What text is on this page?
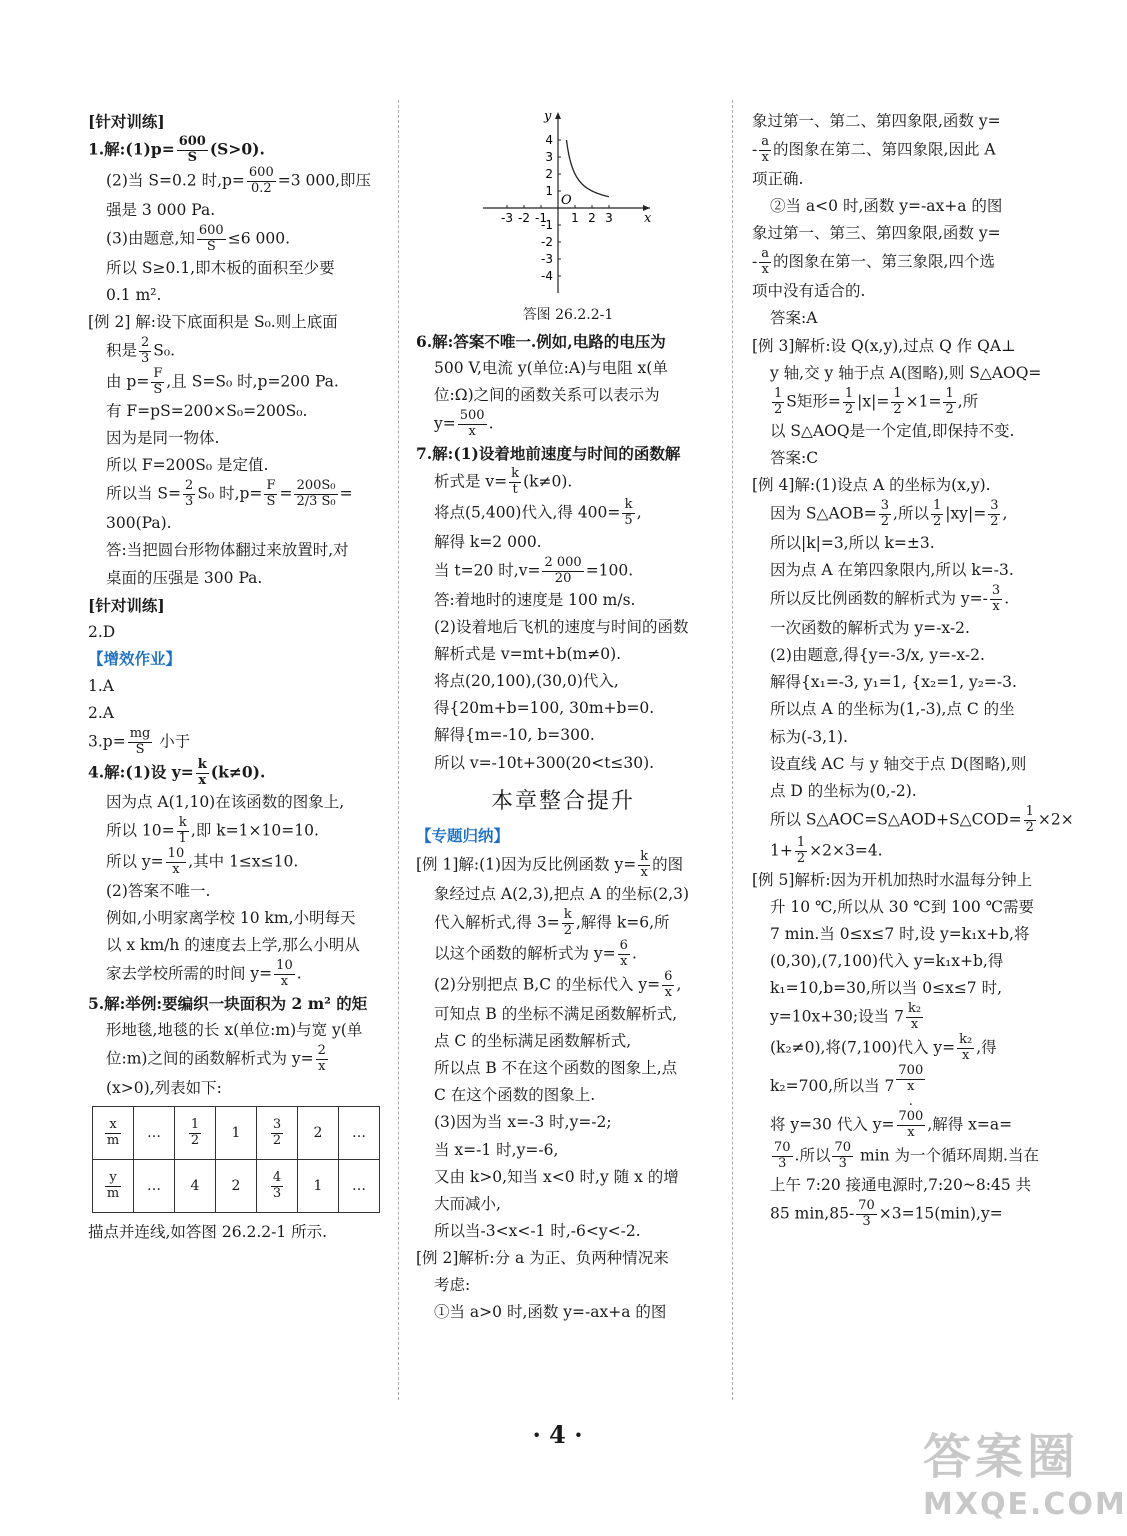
[针对训练]

1.解:(1)p= $\frac{600}{S} (S>0)$.

(2)当 S=0.2 时$,p= \frac{600}{0.2} =3$ 000,即压

强是 3 000 Pa.

(3)由题意,知 $\frac{600}{S} \le 6$ 000.

所以 S≥0.1,即木板的面积至少要

0.1 m².

[例 2] 解:设下底面积是 S₀.则上底面

积是 $\frac{2}{3} S_0$.

由 $p= \frac{F}{S}$ ,且 S=S₀ 时,p=200 Pa.

有 F=pS=200×S₀=200S₀.

因为是同一物体.

所以 F=200S₀ 是定值.

所以当 $S= \frac{2}{3} S_0$ 时$,p= \frac{F}{S} = \frac{\text{200S₀}}{\text{2/3 S₀}}$ =

300(Pa).

答:当把圆台形物体翻过来放置时,对

桌面的压强是 300 Pa.

[针对训练]

2.D

【增效作业】

1.A

2.A

$3.p= \frac{mg}{S}$ 小于

4.解:(1)设 $y= \frac{k}{x} (k\ne 0)$.

因为点 A(1,10)在该函数的图象上,

所以 $10= \frac{k}{1}$ ,即 k=1×10=10.

所以 $y= \frac{10}{x}$ ,其中 1≤x≤10.

(2)答案不唯一.

例如,小明家离学校 10 km,小明每天

以 x km/h 的速度去上学,那么小明从

家去学校所需的时间 $y= \frac{10}{x}$ .

5.解:举例:要编织一块面积为 2 m² 的矩

形地毯,地毯的长 x(单位:m)与宽 y(单

位:m)之间的函数解析式为 $y= \frac{2}{x}$

(x>0),列表如下:

$\frac{x}{m}$	…	$\frac{1}{2}$	1	$\frac{3}{2}$	2	…

$\frac{y}{m}$	…	4	2	$\frac{4}{3}$	1	…

描点并连线,如答图 26.2.2-1 所示.

-3 -2 -1 1 2 3
4
3
2
1
-1
-2
-3
-4
x
y
O
答图 26.2.2-1

6.解:答案不唯一.例如,电路的电压为

500 V,电流 y(单位:A)与电阻 x(单

位:Ω)之间的函数关系可以表示为

$y= \frac{500}{x}$ .

7.解:(1)设着地前速度与时间的函数解

析式是 $v= \frac{k}{t} (k\ne 0)$.

将点(5,400)代入,得 $400= \frac{k}{5}$ ,

解得 k=2 000.

当 t=20 时$,v= \frac{2 000}{20} =100$.

答:着地时的速度是 100 m/s.

(2)设着地后飞机的速度与时间的函数

解析式是 v=mt+b(m≠0).

将点(20,100),(30,0)代入,

得{20m+b=100, 30m+b=0.

解得{m=-10, b=300.

所以 v=-10t+300(20<t≤30).

本章整合提升
【专题归纳】

[例 1]解:(1)因为反比例函数 $y= \frac{k}{x}$ 的图

象经过点 A(2,3),把点 A 的坐标(2,3)

代入解析式,得 $3= \frac{k}{2}$ ,解得 k=6,所

以这个函数的解析式为 $y= \frac{6}{x}$ .

(2)分别把点 B,C 的坐标代入 $y= \frac{6}{x}$ ,

可知点 B 的坐标不满足函数解析式,

点 C 的坐标满足函数解析式,

所以点 B 不在这个函数的图象上,点

C 在这个函数的图象上.

(3)因为当 x=-3 时,y=-2;

当 x=-1 时,y=-6,

又由 k>0,知当 x<0 时,y 随 x 的增

大而减小,

所以当-3<x<-1 时,-6<y<-2.

[例 2]解析:分 a 为正、负两种情况来

考虑:

①当 a>0 时,函数 y=-ax+a 的图

象过第一、第二、第四象限,函数 y=

- $\frac{a}{x}$ 的图象在第二、第四象限,因此 A

项正确.

②当 a<0 时,函数 y=-ax+a 的图

象过第一、第三、第四象限,函数 y=

- $\frac{a}{x}$ 的图象在第一、第三象限,四个选

项中没有适合的.

答案:A

[例 3]解析:设 Q(x,y),过点 Q 作 QA⊥

y 轴,交 y 轴于点 A(图略),则 S△AOQ=

$\frac{1}{2}$ S矩形= $\frac{1}{2} |x|= \frac{1}{2} \times 1= \frac{1}{2}$ ,所

以 S△AOQ是一个定值,即保持不变.

答案:C

[例 4]解:(1)设点 A 的坐标为(x,y).

因为 S△AOB= $\frac{3}{2}$ ,所以 $\frac{1}{2} |xy|= \frac{3}{2}$ ,

所以|k|=3,所以 k=±3.

因为点 A 在第四象限内,所以 k=-3.

所以反比例函数的解析式为 $y=- \frac{3}{x}$ .

一次函数的解析式为 y=-x-2.

(2)由题意,得{y=-3/x, y=-x-2.

解得{x₁=-3, y₁=1, {x₂=1, y₂=-3.

所以点 A 的坐标为(1,-3),点 C 的坐

标为(-3,1).

设直线 AC 与 y 轴交于点 D(图略),则

点 D 的坐标为(0,-2).

所以 S△AOC=S△AOD+S△COD= $\frac{1}{2} \times 2\times$

$1+ \frac{1}{2} \times 2\times 3=4$.

[例 5]解析:因为开机加热时水温每分钟上

升 10 ℃,所以从 30 ℃到 100 ℃需要

7 min.当 0≤x≤7 时,设 y=k₁x+b,将

(0,30),(7,100)代入 y=k₁x+b,得

k₁=10,b=30,所以当 0≤x≤7 时,

y=10x+30;设当 $7 \frac{\text{k₂}}{x}$

(k₂≠0),将(7,100)代入 $y= \frac{\text{k₂}}{x}$ ,得

k₂=700,所以当 7
700
x
.

将 y=30 代入 $y= \frac{700}{x}$ ,解得 x=a=

$\frac{70}{3}$ .所以 $\frac{70}{3}$ min 为一个循环周期.当在

上午 7:20 接通电源时,7:20~8:45 共

85 $\min,85- \frac{70}{3} \times 3=15(\min),y=$

· 4 ·	答案圈
MXQE.COM
